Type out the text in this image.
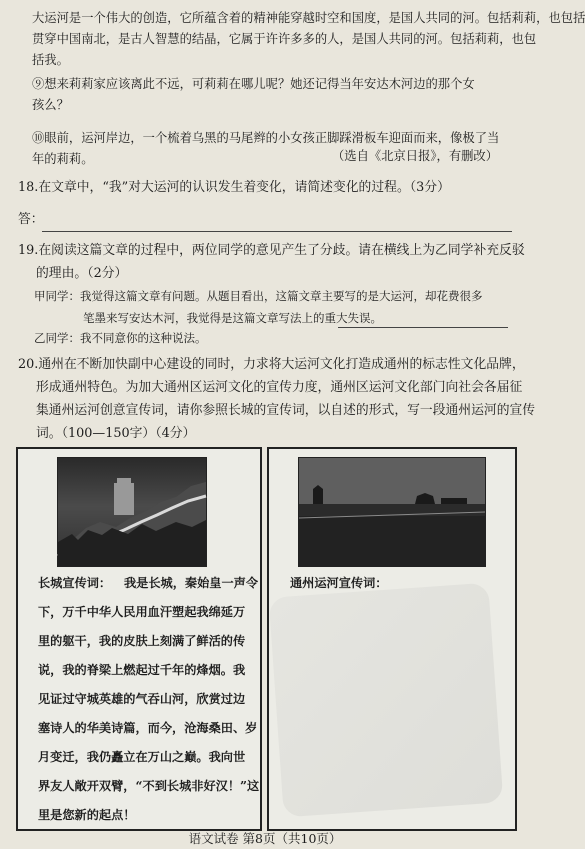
大运河是一个伟大的创造，它所蕴含着的精神能穿越时空和国度，是国人共同的河。包括莉莉，也包括
贯穿中国南北，是古人智慧的结晶，它属于许许多多的人，是国人共同的河。包括莉莉，也包
括我。
⑨想来莉莉家应该离此不远，可莉莉在哪儿呢？她还记得当年安达木河边的那个女
孩么？
⑩眼前，运河岸边，一个梳着乌黑的马尾辫的小女孩正脚踩滑板车迎面而来，像极了当
年的莉莉。	（选自《北京日报》，有删改）
18.在文章中，“我”对大运河的认识发生着变化，请简述变化的过程。（3分）
答：
19.在阅读这篇文章的过程中，两位同学的意见产生了分歧。请在横线上为乙同学补充反驳
的理由。（2分）
甲同学：我觉得这篇文章有问题。从题目看出，这篇文章主要写的是大运河，却花费很多
笔墨来写安达木河，我觉得是这篇文章写法上的重大失误。
乙同学：我不同意你的这种说法。
20.通州在不断加快副中心建设的同时，力求将大运河文化打造成通州的标志性文化品牌，
形成通州特色。为加大通州区运河文化的宣传力度，通州区运河文化部门向社会各届征
集通州运河创意宣传词，请你参照长城的宣传词，以自述的形式，写一段通州运河的宣传
词。（100—150字）（4分）
长城宣传词： 我是长城，秦始皇一声令
下，万千中华人民用血汗塑起我绵延万
里的躯干，我的皮肤上刻满了鲜活的传
说，我的脊梁上燃起过千年的烽烟。我
见证过守城英雄的气吞山河，欣赏过边
塞诗人的华美诗篇，而今，沧海桑田、岁
月变迁，我仍矗立在万山之巅。我向世
界友人敞开双臂，“不到长城非好汉！”这
里是您新的起点！
通州运河宣传词：
语文试卷 第8页（共10页）
